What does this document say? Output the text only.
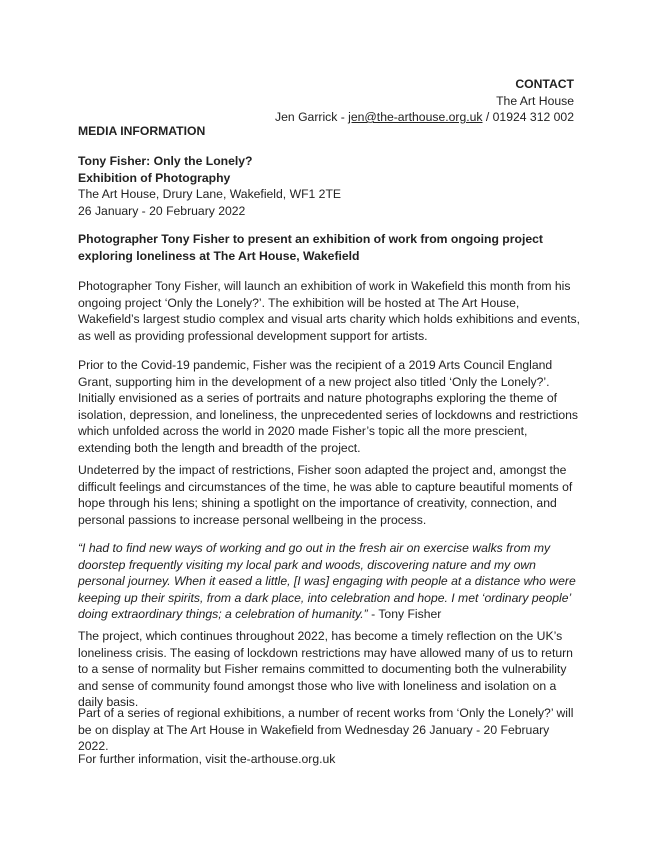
CONTACT
The Art House
Jen Garrick - jen@the-arthouse.org.uk / 01924 312 002
MEDIA INFORMATION
Tony Fisher: Only the Lonely?
Exhibition of Photography
The Art House, Drury Lane, Wakefield, WF1 2TE
26 January - 20 February 2022

Photographer Tony Fisher to present an exhibition of work from ongoing project exploring loneliness at The Art House, Wakefield

Photographer Tony Fisher, will launch an exhibition of work in Wakefield this month from his ongoing project ‘Only the Lonely?’. The exhibition will be hosted at The Art House, Wakefield’s largest studio complex and visual arts charity which holds exhibitions and events, as well as providing professional development support for artists.

Prior to the Covid-19 pandemic, Fisher was the recipient of a 2019 Arts Council England Grant, supporting him in the development of a new project also titled ‘Only the Lonely?’. Initially envisioned as a series of portraits and nature photographs exploring the theme of isolation, depression, and loneliness, the unprecedented series of lockdowns and restrictions which unfolded across the world in 2020 made Fisher’s topic all the more prescient, extending both the length and breadth of the project.

Undeterred by the impact of restrictions, Fisher soon adapted the project and, amongst the difficult feelings and circumstances of the time, he was able to capture beautiful moments of hope through his lens; shining a spotlight on the importance of creativity, connection, and personal passions to increase personal wellbeing in the process.

“I had to find new ways of working and go out in the fresh air on exercise walks from my doorstep frequently visiting my local park and woods, discovering nature and my own personal journey. When it eased a little, [I was] engaging with people at a distance who were keeping up their spirits, from a dark place, into celebration and hope. I met ‘ordinary people’ doing extraordinary things; a celebration of humanity.” - Tony Fisher

The project, which continues throughout 2022, has become a timely reflection on the UK’s loneliness crisis. The easing of lockdown restrictions may have allowed many of us to return to a sense of normality but Fisher remains committed to documenting both the vulnerability and sense of community found amongst those who live with loneliness and isolation on a daily basis.

Part of a series of regional exhibitions, a number of recent works from ‘Only the Lonely?’ will be on display at The Art House in Wakefield from Wednesday 26 January - 20 February 2022.

For further information, visit the-arthouse.org.uk
